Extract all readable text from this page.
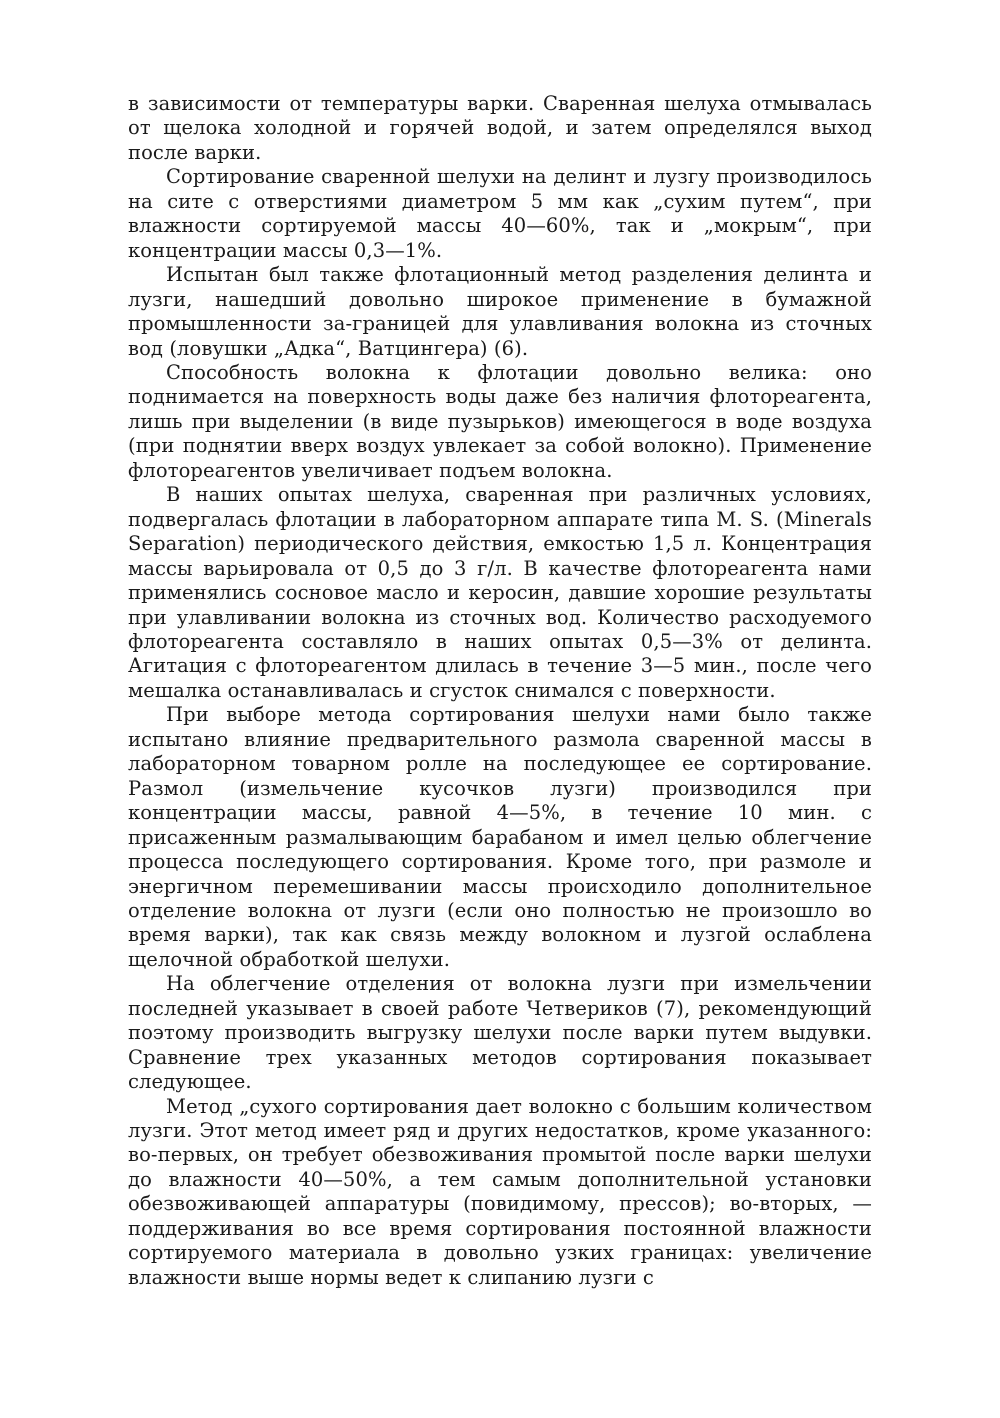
в зависимости от температуры варки. Сваренная шелуха отмывалась от щелока холодной и горячей водой, и затем определялся выход после варки.

Сортирование сваренной шелухи на делинт и лузгу производилось на сите с отверстиями диаметром 5 мм как „сухим путем“, при влажности сортируемой массы 40—60%, так и „мокрым“, при концентрации массы 0,3—1%.

Испытан был также флотационный метод разделения делинта и лузги, нашедший довольно широкое применение в бумажной промышленности за-границей для улавливания волокна из сточных вод (ловушки „Адка“, Ватцингера) (6).

Способность волокна к флотации довольно велика: оно поднимается на поверхность воды даже без наличия флотореагента, лишь при выделении (в виде пузырьков) имеющегося в воде воздуха (при поднятии вверх воздух увлекает за собой волокно). Применение флотореагентов увеличивает подъем волокна.

В наших опытах шелуха, сваренная при различных условиях, подвергалась флотации в лабораторном аппарате типа M. S. (Minerals Separation) периодического действия, емкостью 1,5 л. Концентрация массы варьировала от 0,5 до 3 г/л. В качестве флотореагента нами применялись сосновое масло и керосин, давшие хорошие результаты при улавливании волокна из сточных вод. Количество расходуемого флотореагента составляло в наших опытах 0,5—3% от делинта. Агитация с флотореагентом длилась в течение 3—5 мин., после чего мешалка останавливалась и сгусток снимался с поверхности.

При выборе метода сортирования шелухи нами было также испытано влияние предварительного размола сваренной массы в лабораторном товарном ролле на последующее ее сортирование. Размол (измельчение кусочков лузги) производился при концентрации массы, равной 4—5%, в течение 10 мин. с присаженным размалывающим барабаном и имел целью облегчение процесса последующего сортирования. Кроме того, при размоле и энергичном перемешивании массы происходило дополнительное отделение волокна от лузги (если оно полностью не произошло во время варки), так как связь между волокном и лузгой ослаблена щелочной обработкой шелухи.

На облегчение отделения от волокна лузги при измельчении последней указывает в своей работе Четвериков (7), рекомендующий поэтому производить выгрузку шелухи после варки путем выдувки. Сравнение трех указанных методов сортирования показывает следующее.

Метод „сухого сортирования дает волокно с большим количеством лузги. Этот метод имеет ряд и других недостатков, кроме указанного: во-первых, он требует обезвоживания промытой после варки шелухи до влажности 40—50%, а тем самым дополнительной установки обезвоживающей аппаратуры (повидимому, прессов); во-вторых, — поддерживания во все время сортирования постоянной влажности сортируемого материала в довольно узких границах: увеличение влажности выше нормы ведет к слипанию лузги с
